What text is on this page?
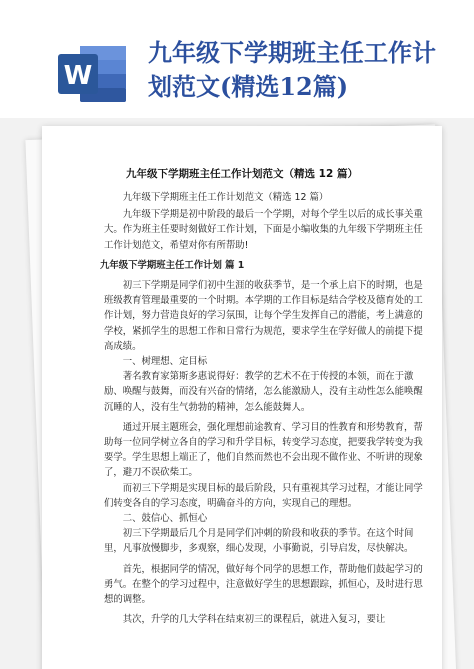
W
九年级下学期班主任工作计划范文(精选12篇)
九年级下学期班主任工作计划范文（精选 12 篇）

九年级下学期班主任工作计划范文（精选 12 篇）

九年级下学期是初中阶段的最后一个学期，对每个学生以后的成长事关重大。作为班主任要时刻做好工作计划，下面是小编收集的九年级下学期班主任工作计划范文，希望对你有所帮助!

九年级下学期班主任工作计划 篇 1

初三下学期是同学们初中生涯的收获季节，是一个承上启下的时期，也是班级教育管理最重要的一个时期。本学期的工作目标是结合学校及德育处的工作计划，努力营造良好的学习氛围，让每个学生发挥自己的潜能，考上满意的学校，紧抓学生的思想工作和日常行为规范，要求学生在学好做人的前提下提高成绩。

一、树理想、定目标

著名教育家第斯多惠说得好：教学的艺术不在于传授的本领，而在于激励、唤醒与鼓舞，而没有兴奋的情绪，怎么能激励人，没有主动性怎么能唤醒沉睡的人，没有生气勃勃的精神，怎么能鼓舞人。

通过开展主题班会，强化理想前途教育、学习目的性教育和形势教育，帮助每一位同学树立各自的学习和升学目标，转变学习态度，把要我学转变为我要学。学生思想上端正了，他们自然而然也不会出现不做作业、不听讲的现象了，避刀不误砍柴工。

而初三下学期是实现目标的最后阶段，只有重视其学习过程，才能让同学们转变各自的学习态度，明确奋斗的方向，实现自己的理想。

二、鼓信心、抓恒心

初三下学期最后几个月是同学们冲刺的阶段和收获的季节。在这个时间里，凡事放慢脚步，多观察，细心发现，小事勤说，引导启发，尽快解决。

首先，根据同学的情况，做好每个同学的思想工作，帮助他们鼓起学习的勇气。在整个的学习过程中，注意做好学生的思想跟踪，抓恒心，及时进行思想的调整。

其次，升学的几大学科在结束初三的课程后，就进入复习，要让
